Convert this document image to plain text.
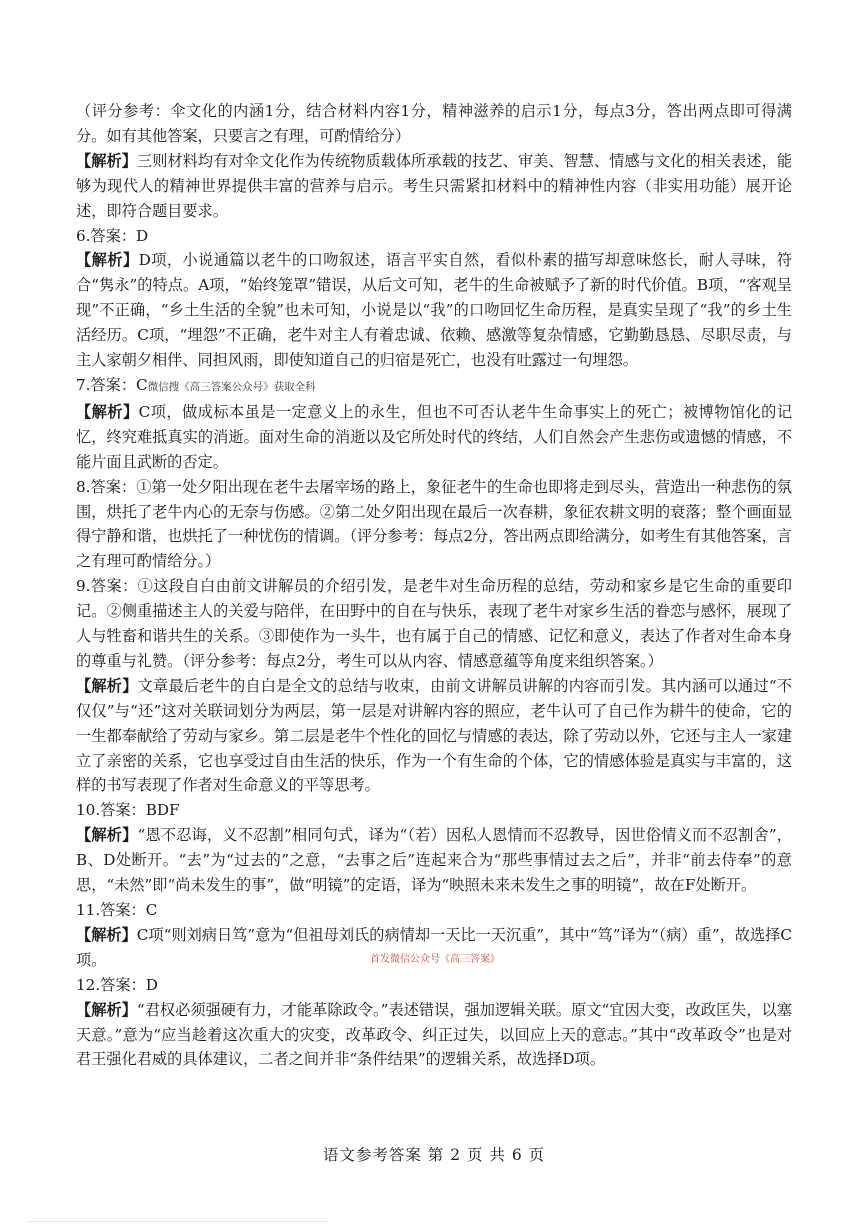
（评分参考：伞文化的内涵1分，结合材料内容1分，精神滋养的启示1分，每点3分，答出两点即可得满分。如有其他答案，只要言之有理，可酌情给分）

【解析】三则材料均有对伞文化作为传统物质载体所承载的技艺、审美、智慧、情感与文化的相关表述，能够为现代人的精神世界提供丰富的营养与启示。考生只需紧扣材料中的精神性内容（非实用功能）展开论述，即符合题目要求。

6.答案：D

【解析】D项，小说通篇以老牛的口吻叙述，语言平实自然，看似朴素的描写却意味悠长，耐人寻味，符合“隽永”的特点。A项，“始终笼罩”错误，从后文可知，老牛的生命被赋予了新的时代价值。B项，“客观呈现”不正确，“乡土生活的全貌”也未可知，小说是以“我”的口吻回忆生命历程，是真实呈现了“我”的乡土生活经历。C项，“埋怨”不正确，老牛对主人有着忠诚、依赖、感激等复杂情感，它勤勤恳恳、尽职尽责，与主人家朝夕相伴、同担风雨，即使知道自己的归宿是死亡，也没有吐露过一句埋怨。

7.答案：C微信搜《高三答案公众号》获取全科

【解析】C项，做成标本虽是一定意义上的永生，但也不可否认老牛生命事实上的死亡；被博物馆化的记忆，终究难抵真实的消逝。面对生命的消逝以及它所处时代的终结，人们自然会产生悲伤或遗憾的情感，不能片面且武断的否定。

8.答案：①第一处夕阳出现在老牛去屠宰场的路上，象征老牛的生命也即将走到尽头，营造出一种悲伤的氛围，烘托了老牛内心的无奈与伤感。②第二处夕阳出现在最后一次春耕，象征农耕文明的衰落；整个画面显得宁静和谐，也烘托了一种忧伤的情调。（评分参考：每点2分，答出两点即给满分，如考生有其他答案，言之有理可酌情给分。）

9.答案：①这段自白由前文讲解员的介绍引发，是老牛对生命历程的总结，劳动和家乡是它生命的重要印记。②侧重描述主人的关爱与陪伴，在田野中的自在与快乐，表现了老牛对家乡生活的眷恋与感怀，展现了人与牲畜和谐共生的关系。③即使作为一头牛，也有属于自己的情感、记忆和意义，表达了作者对生命本身的尊重与礼赞。（评分参考：每点2分，考生可以从内容、情感意蕴等角度来组织答案。）

【解析】文章最后老牛的自白是全文的总结与收束，由前文讲解员讲解的内容而引发。其内涵可以通过“不仅仅”与“还”这对关联词划分为两层，第一层是对讲解内容的照应，老牛认可了自己作为耕牛的使命，它的一生都奉献给了劳动与家乡。第二层是老牛个性化的回忆与情感的表达，除了劳动以外，它还与主人一家建立了亲密的关系，它也享受过自由生活的快乐，作为一个有生命的个体，它的情感体验是真实与丰富的，这样的书写表现了作者对生命意义的平等思考。

10.答案：BDF

【解析】“恩不忍诲，义不忍割”相同句式，译为“（若）因私人恩情而不忍教导，因世俗情义而不忍割舍”，B、D处断开。“去”为“过去的”之意，“去事之后”连起来合为“那些事情过去之后”，并非“前去侍奉”的意思，“未然”即“尚未发生的事”，做“明镜”的定语，译为“映照未来未发生之事的明镜”，故在F处断开。

11.答案：C

【解析】C项“则刘病日笃”意为“但祖母刘氏的病情却一天比一天沉重”，其中“笃”译为“（病）重”，故选择C项。

12.答案：D

【解析】“君权必须强硬有力，才能革除政令。”表述错误，强加逻辑关联。原文“宜因大变，改政匡失，以塞天意。”意为“应当趁着这次重大的灾变，改革政令、纠正过失，以回应上天的意志。”其中“改革政令”也是对君王强化君威的具体建议，二者之间并非“条件结果”的逻辑关系，故选择D项。

首发微信公众号《高三答案》
语文参考答案 第 2 页 共 6 页
